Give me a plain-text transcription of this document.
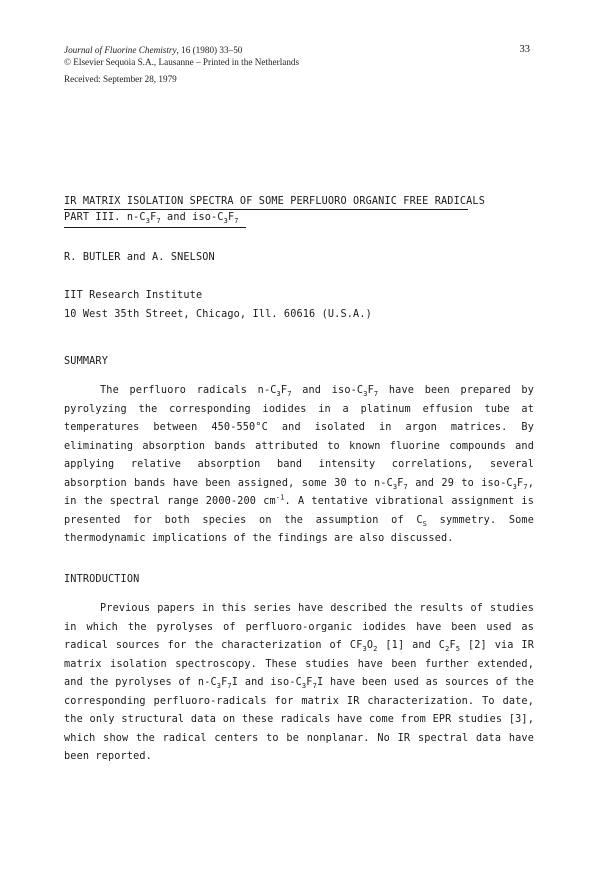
Journal of Fluorine Chemistry, 16 (1980) 33–50
© Elsevier Sequoia S.A., Lausanne – Printed in the Netherlands
Received: September 28, 1979
33
IR MATRIX ISOLATION SPECTRA OF SOME PERFLUORO ORGANIC FREE RADICALS
PART III. $n-C_3F_7$ and iso-$C_3F_7$
R. BUTLER and A. SNELSON
IIT Research Institute
10 West 35th Street, Chicago, Ill. 60616 (U.S.A.)
SUMMARY
The perfluoro radicals $n-C_3F_7$ and iso-$C_3F_7$ have been prepared by pyrolyzing the corresponding iodides in a platinum effusion tube at temperatures between 450-550°C and isolated in argon matrices. By eliminating absorption bands attributed to known fluorine compounds and applying relative absorption band intensity correlations, several absorption bands have been assigned, some 30 to $n-C_3F_7$ and 29 to iso-$C_3F_7$, in the spectral range 2000-200 $cm^{-1}$. A tentative vibrational assignment is presented for both species on the assumption of $C_S$ symmetry. Some thermodynamic implications of the findings are also discussed.
INTRODUCTION
Previous papers in this series have described the results of studies in which the pyrolyses of perfluoro-organic iodides have been used as radical sources for the characterization of $CF_3O_2$ [1] and $C_2F_5$ [2] via IR matrix isolation spectroscopy. These studies have been further extended, and the pyrolyses of $n-C_3F_7I$ and iso-$C_3F_7I$ have been used as sources of the corresponding perfluoro-radicals for matrix IR characterization. To date, the only structural data on these radicals have come from EPR studies [3], which show the radical centers to be nonplanar. No IR spectral data have been reported.
